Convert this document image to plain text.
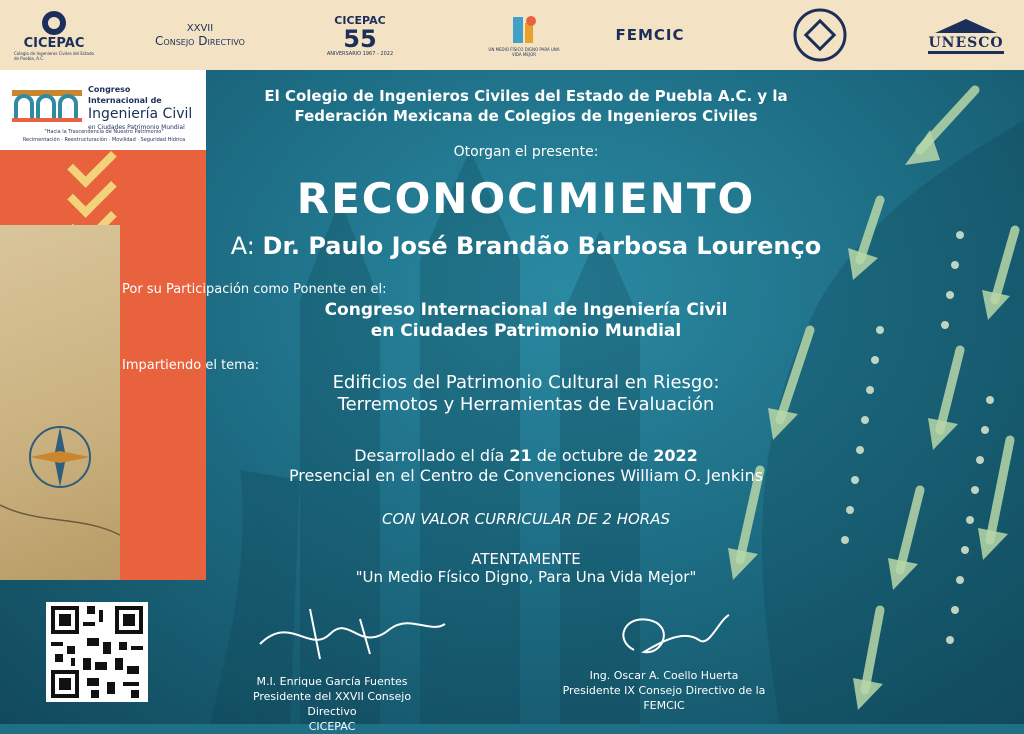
CICEPAC
Colegio de Ingenieros Civiles del Estado de Puebla, A.C.
XXVII
Consejo Directivo
CICEPAC
55
ANIVERSARIO 1967 - 2022
UN MEDIO FÍSICO DIGNO PARA UNA VIDA MEJOR
FEMCIC	UNESCO
Congreso
Internacional de
Ingeniería Civil
en Ciudades Patrimonio Mundial
"Hacia la Trascendencia de Nuestro Patrimonio"
Recimentación · Reestructuración · Movilidad · Seguridad Hídrica
El Colegio de Ingenieros Civiles del Estado de Puebla A.C. y la
Federación Mexicana de Colegios de Ingenieros Civiles
Otorgan el presente:
RECONOCIMIENTO
A: Dr. Paulo José Brandão Barbosa Lourenço
Por su Participación como Ponente en el:
Congreso Internacional de Ingeniería Civil
en Ciudades Patrimonio Mundial
Impartiendo el tema:
Edificios del Patrimonio Cultural en Riesgo:
Terremotos y Herramientas de Evaluación
Desarrollado el día 21 de octubre de 2022
Presencial en el Centro de Convenciones William O. Jenkins
CON VALOR CURRICULAR DE 2 HORAS
ATENTAMENTE
"Un Medio Físico Digno, Para Una Vida Mejor"
M.I. Enrique García Fuentes
Presidente del XXVII Consejo Directivo
CICEPAC
Ing. Oscar A. Coello Huerta
Presidente IX Consejo Directivo de la
FEMCIC
